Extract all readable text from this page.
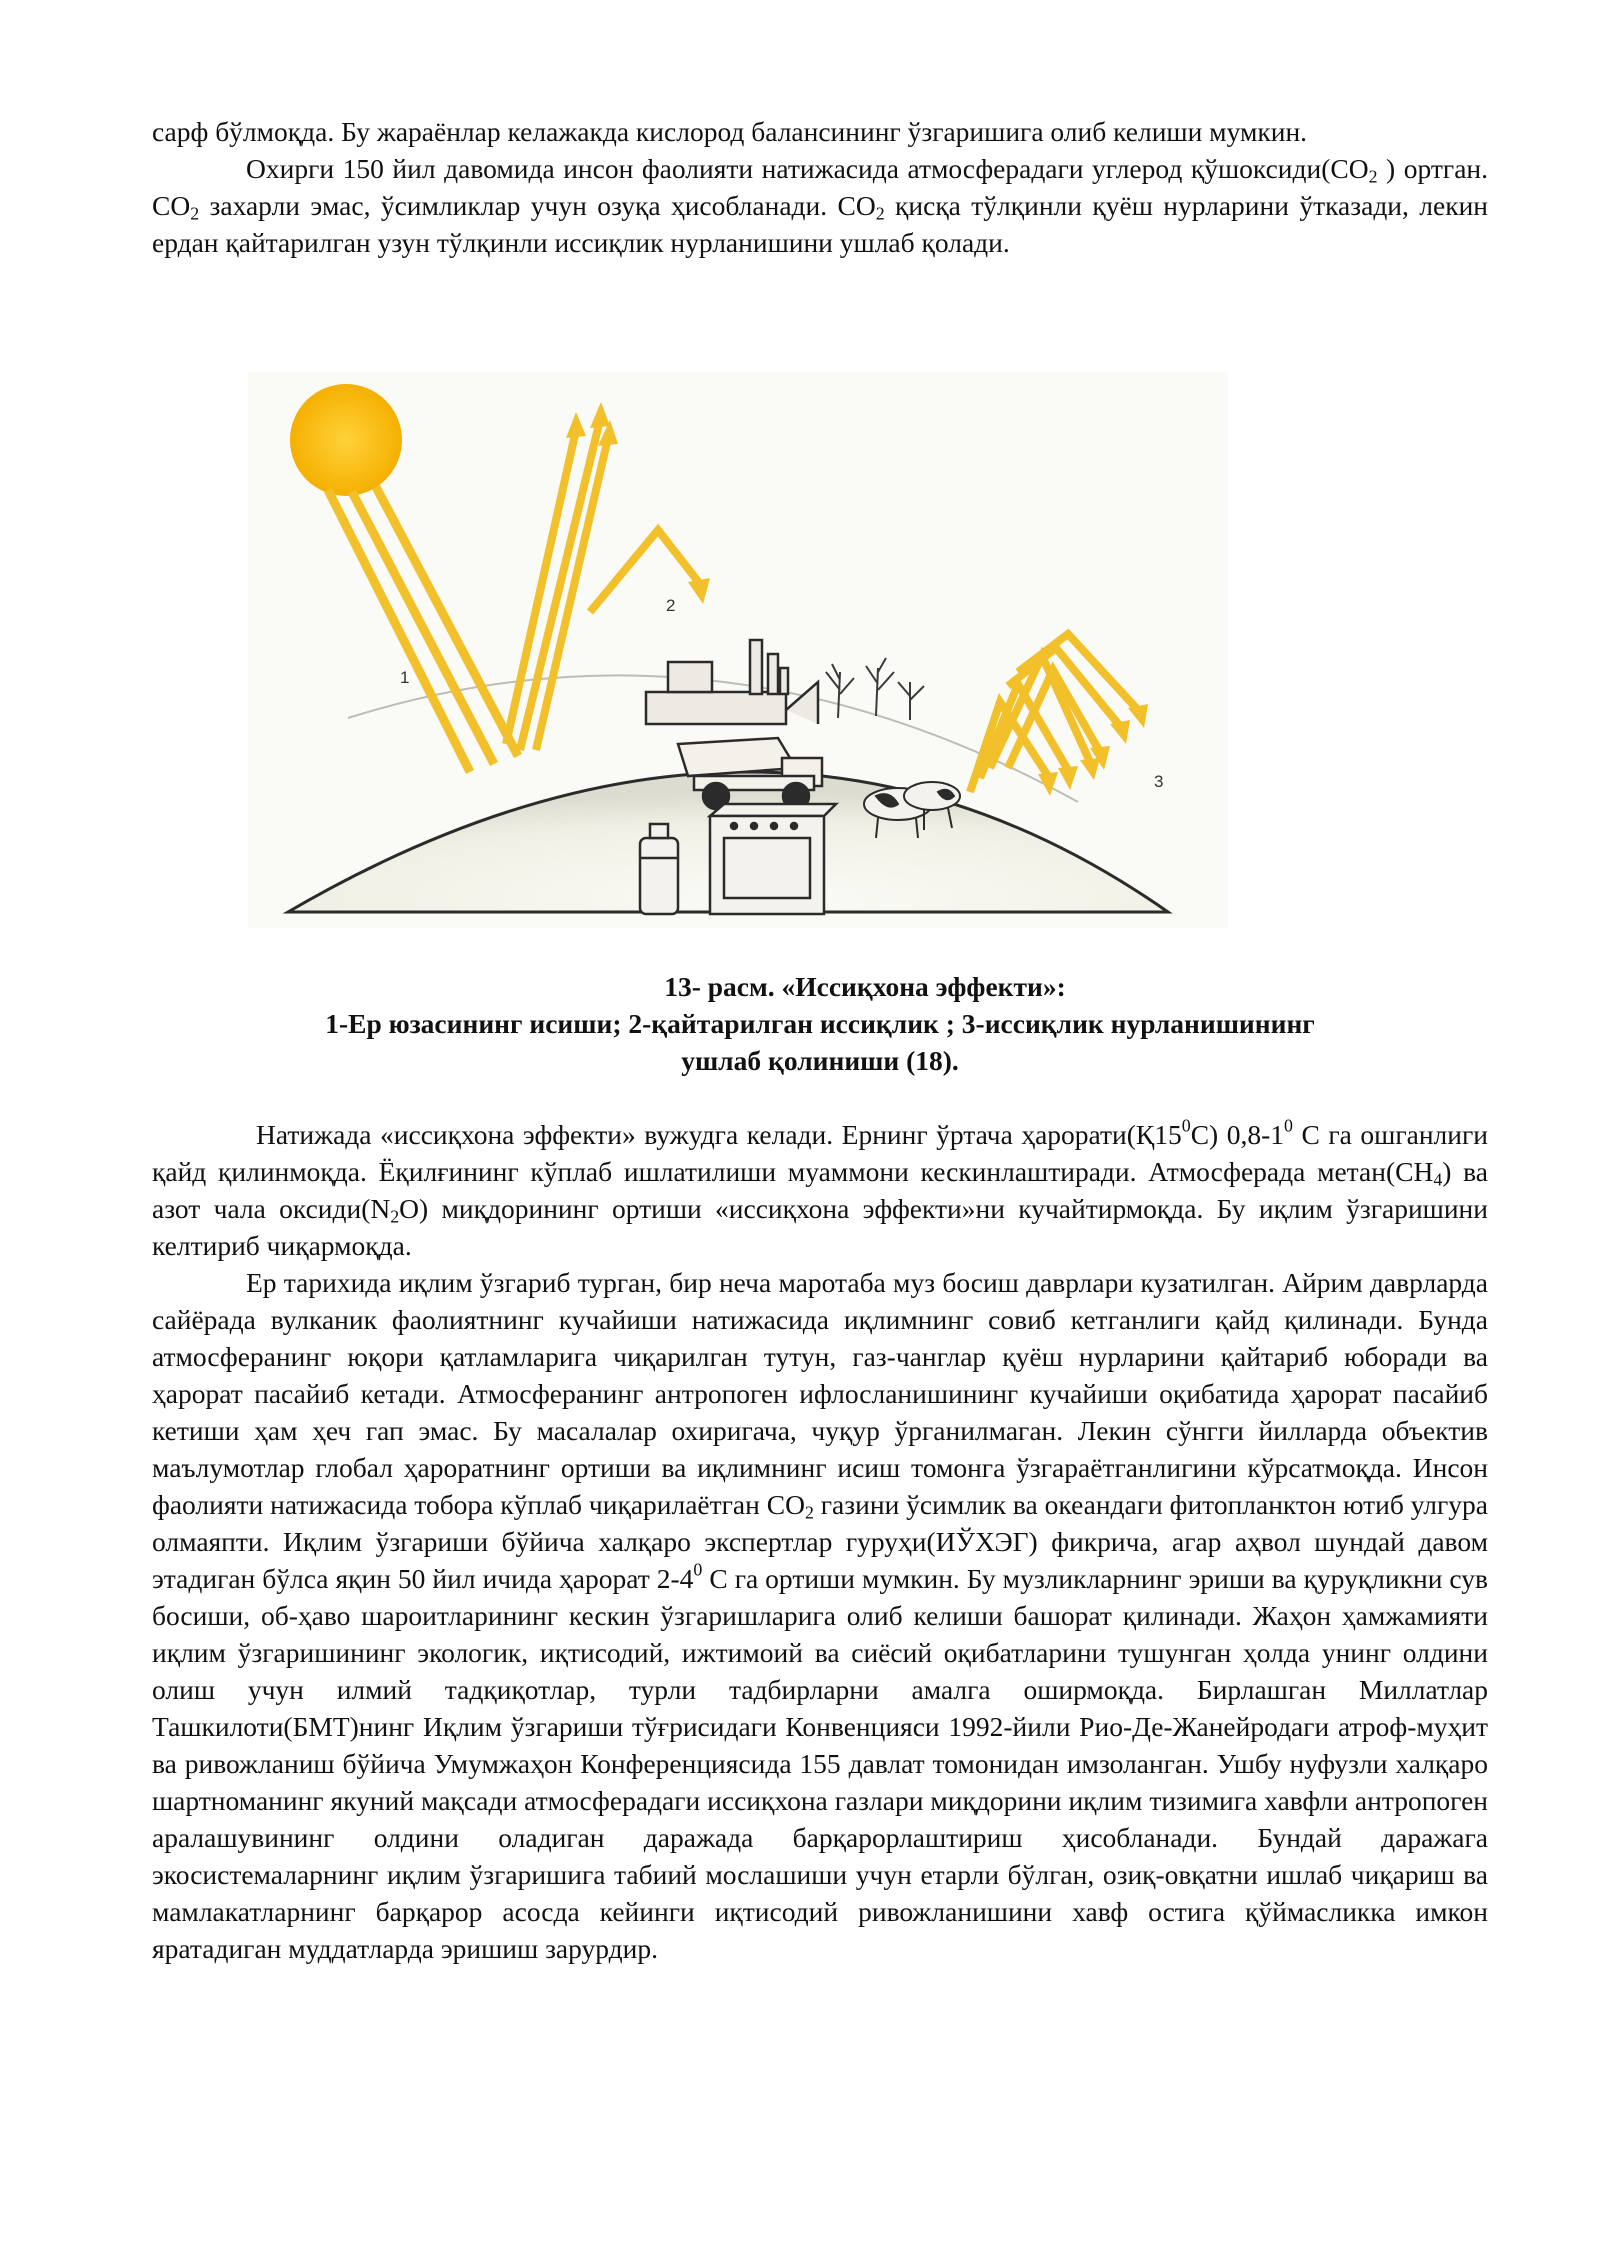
сарф бўлмоқда. Бу жараёнлар келажакда кислород балансининг ўзгаришига олиб келиши мумкин.

Охирги 150 йил давомида инсон фаолияти натижасида атмосферадаги углерод $қўшоксиди(CO_2$ ) ортган. $CO_2$ захарли эмас, ўсимликлар учун озуқа ҳисобланади. $CO_2$ қисқа тўлқинли қуёш нурларини ўтказади, лекин ердан қайтарилган узун тўлқинли иссиқлик нурланишини ушлаб қолади.

1
2
3
13- расм. «Иссиқхона эффекти»:
1-Ер юзасининг исиши; 2-қайтарилган иссиқлик ; 3-иссиқлик нурланишининг
ушлаб қолиниши (18).

Натижада «иссиқхона эффекти» вужудга келади. Ернинг ўртача $ҳарорати(Қ15^0С)$ $0,8-1^0$ С га ошганлиги қайд қилинмоқда. Ёқилғининг кўплаб ишлатилиши муаммони кескинлаштиради. Атмосферада $метан(CH_4)$ ва азот чала $оксиди(N_2O)$ миқдорининг ортиши «иссиқхона эффекти»ни кучайтирмоқда. Бу иқлим ўзгаришини келтириб чиқармоқда.

Ер тарихида иқлим ўзгариб турган, бир неча маротаба муз босиш даврлари кузатилган. Айрим даврларда сайёрада вулканик фаолиятнинг кучайиши натижасида иқлимнинг совиб кетганлиги қайд қилинади. Бунда атмосферанинг юқори қатламларига чиқарилган тутун, газ-чанглар қуёш нурларини қайтариб юборади ва ҳарорат пасайиб кетади. Атмосферанинг антропоген ифлосланишининг кучайиши оқибатида ҳарорат пасайиб кетиши ҳам ҳеч гап эмас. Бу масалалар охиригача, чуқур ўрганилмаган. Лекин сўнгги йилларда объектив маълумотлар глобал ҳароратнинг ортиши ва иқлимнинг исиш томонга ўзгараётганлигини кўрсатмоқда. Инсон фаолияти натижасида тобора кўплаб чиқарилаётган $CO_2$ газини ўсимлик ва океандаги фитопланктон ютиб улгура олмаяпти. Иқлим ўзгариши бўйича халқаро экспертлар гуруҳи(ИЎХЭГ) фикрича, агар аҳвол шундай давом этадиган бўлса яқин 50 йил ичида ҳарорат $2-4^0$ С га ортиши мумкин. Бу музликларнинг эриши ва қуруқликни сув босиши, об-ҳаво шароитларининг кескин ўзгаришларига олиб келиши башорат қилинади. Жаҳон ҳамжамияти иқлим ўзгаришининг экологик, иқтисодий, ижтимоий ва сиёсий оқибатларини тушунган ҳолда унинг олдини олиш учун илмий тадқиқотлар, турли тадбирларни амалга оширмоқда. Бирлашган Миллатлар Ташкилоти(БМТ)нинг Иқлим ўзгариши тўғрисидаги Конвенцияси 1992-йили Рио-Де-Жанейродаги атроф-муҳит ва ривожланиш бўйича Умумжаҳон Конференциясида 155 давлат томонидан имзоланган. Ушбу нуфузли халқаро шартноманинг якуний мақсади атмосферадаги иссиқхона газлари миқдорини иқлим тизимига хавфли антропоген аралашувининг олдини оладиган даражада барқарорлаштириш ҳисобланади. Бундай даражага экосистемаларнинг иқлим ўзгаришига табиий мослашиши учун етарли бўлган, озиқ-овқатни ишлаб чиқариш ва мамлакатларнинг барқарор асосда кейинги иқтисодий ривожланишини хавф остига қўймасликка имкон яратадиган муддатларда эришиш зарурдир.
